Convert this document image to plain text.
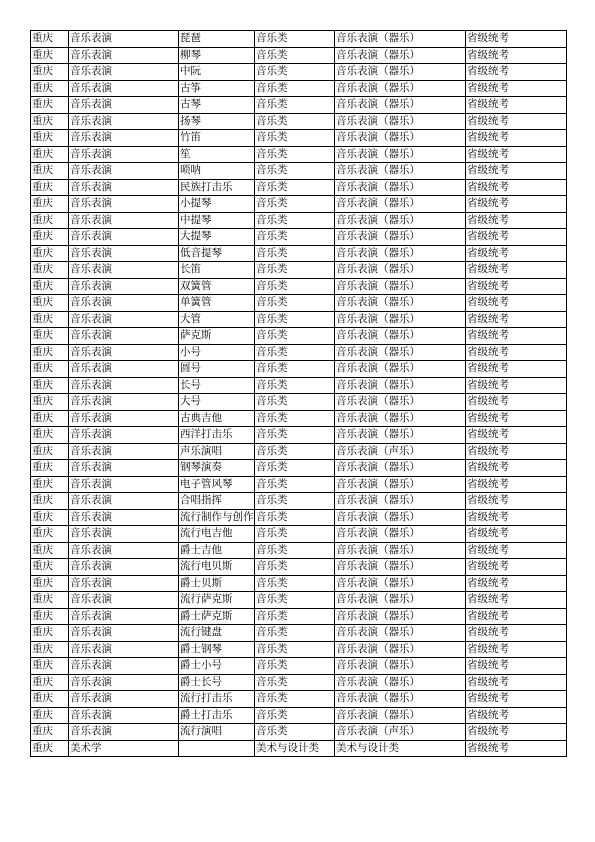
重庆	音乐表演	琵琶	音乐类	音乐表演（器乐）	省级统考
重庆	音乐表演	柳琴	音乐类	音乐表演（器乐）	省级统考
重庆	音乐表演	中阮	音乐类	音乐表演（器乐）	省级统考
重庆	音乐表演	古筝	音乐类	音乐表演（器乐）	省级统考
重庆	音乐表演	古琴	音乐类	音乐表演（器乐）	省级统考
重庆	音乐表演	扬琴	音乐类	音乐表演（器乐）	省级统考
重庆	音乐表演	竹笛	音乐类	音乐表演（器乐）	省级统考
重庆	音乐表演	笙	音乐类	音乐表演（器乐）	省级统考
重庆	音乐表演	唢呐	音乐类	音乐表演（器乐）	省级统考
重庆	音乐表演	民族打击乐	音乐类	音乐表演（器乐）	省级统考
重庆	音乐表演	小提琴	音乐类	音乐表演（器乐）	省级统考
重庆	音乐表演	中提琴	音乐类	音乐表演（器乐）	省级统考
重庆	音乐表演	大提琴	音乐类	音乐表演（器乐）	省级统考
重庆	音乐表演	低音提琴	音乐类	音乐表演（器乐）	省级统考
重庆	音乐表演	长笛	音乐类	音乐表演（器乐）	省级统考
重庆	音乐表演	双簧管	音乐类	音乐表演（器乐）	省级统考
重庆	音乐表演	单簧管	音乐类	音乐表演（器乐）	省级统考
重庆	音乐表演	大管	音乐类	音乐表演（器乐）	省级统考
重庆	音乐表演	萨克斯	音乐类	音乐表演（器乐）	省级统考
重庆	音乐表演	小号	音乐类	音乐表演（器乐）	省级统考
重庆	音乐表演	圆号	音乐类	音乐表演（器乐）	省级统考
重庆	音乐表演	长号	音乐类	音乐表演（器乐）	省级统考
重庆	音乐表演	大号	音乐类	音乐表演（器乐）	省级统考
重庆	音乐表演	古典吉他	音乐类	音乐表演（器乐）	省级统考
重庆	音乐表演	西洋打击乐	音乐类	音乐表演（器乐）	省级统考
重庆	音乐表演	声乐演唱	音乐类	音乐表演（声乐）	省级统考
重庆	音乐表演	钢琴演奏	音乐类	音乐表演（器乐）	省级统考
重庆	音乐表演	电子管风琴	音乐类	音乐表演（器乐）	省级统考
重庆	音乐表演	合唱指挥	音乐类	音乐表演（器乐）	省级统考
重庆	音乐表演	流行制作与创作	音乐类	音乐表演（器乐）	省级统考
重庆	音乐表演	流行电吉他	音乐类	音乐表演（器乐）	省级统考
重庆	音乐表演	爵士吉他	音乐类	音乐表演（器乐）	省级统考
重庆	音乐表演	流行电贝斯	音乐类	音乐表演（器乐）	省级统考
重庆	音乐表演	爵士贝斯	音乐类	音乐表演（器乐）	省级统考
重庆	音乐表演	流行萨克斯	音乐类	音乐表演（器乐）	省级统考
重庆	音乐表演	爵士萨克斯	音乐类	音乐表演（器乐）	省级统考
重庆	音乐表演	流行键盘	音乐类	音乐表演（器乐）	省级统考
重庆	音乐表演	爵士钢琴	音乐类	音乐表演（器乐）	省级统考
重庆	音乐表演	爵士小号	音乐类	音乐表演（器乐）	省级统考
重庆	音乐表演	爵士长号	音乐类	音乐表演（器乐）	省级统考
重庆	音乐表演	流行打击乐	音乐类	音乐表演（器乐）	省级统考
重庆	音乐表演	爵士打击乐	音乐类	音乐表演（器乐）	省级统考
重庆	音乐表演	流行演唱	音乐类	音乐表演（声乐）	省级统考
重庆	美术学		美术与设计类	美术与设计类	省级统考
